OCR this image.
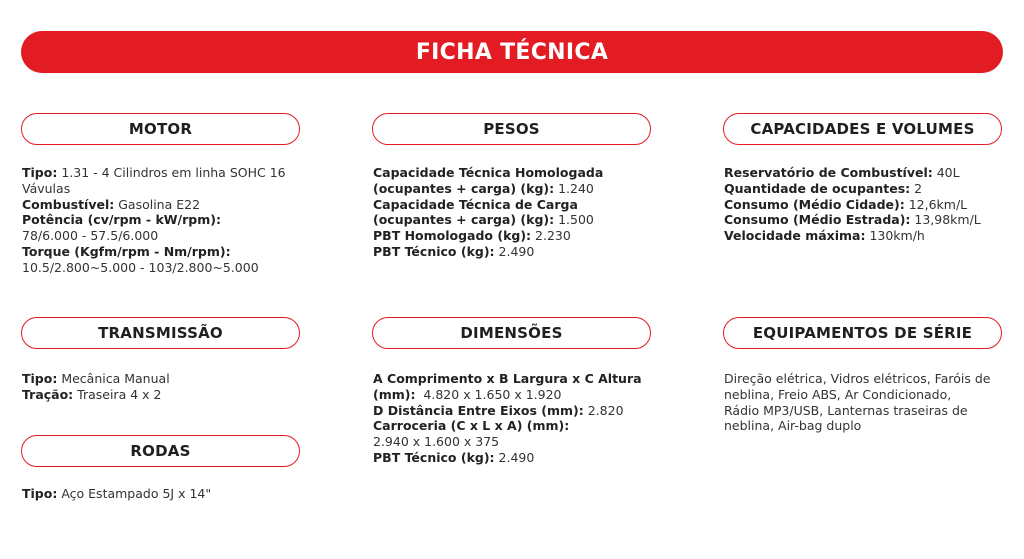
FICHA TÉCNICA
MOTOR
Tipo: 1.31 - 4 Cilindros em linha SOHC 16 Vávulas
Combustível: Gasolina E22
Potência (cv/rpm - kW/rpm):
78/6.000 - 57.5/6.000
Torque (Kgfm/rpm - Nm/rpm):
10.5/2.800~5.000 - 103/2.800~5.000
PESOS
Capacidade Técnica Homologada
(ocupantes + carga) (kg): 1.240
Capacidade Técnica de Carga
(ocupantes + carga) (kg): 1.500
PBT Homologado (kg): 2.230
PBT Técnico (kg): 2.490
CAPACIDADES E VOLUMES
Reservatório de Combustível: 40L
Quantidade de ocupantes: 2
Consumo (Médio Cidade): 12,6km/L
Consumo (Médio Estrada): 13,98km/L
Velocidade máxima: 130km/h
TRANSMISSÃO
Tipo: Mecânica Manual
Tração: Traseira 4 x 2
DIMENSÕES
A Comprimento x B Largura x C Altura
(mm):  4.820 x 1.650 x 1.920
D Distância Entre Eixos (mm): 2.820
Carroceria (C x L x A) (mm):
2.940 x 1.600 x 375
PBT Técnico (kg): 2.490
EQUIPAMENTOS DE SÉRIE
Direção elétrica, Vidros elétricos, Faróis de
neblina, Freio ABS, Ar Condicionado,
Rádio MP3/USB, Lanternas traseiras de
neblina, Air-bag duplo
RODAS
Tipo: Aço Estampado 5J x 14"
